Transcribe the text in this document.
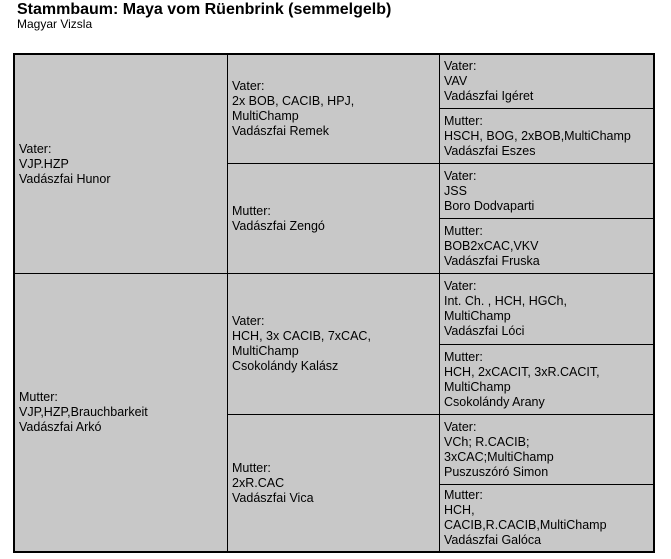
Stammbaum: Maya vom Rüenbrink (semmelgelb)
Magyar Vizsla
Vater:
VJP.HZP
Vadászfai Hunor
Mutter:
VJP,HZP,Brauchbarkeit
Vadászfai Arkó
Vater:
2x BOB, CACIB, HPJ,
MultiChamp
Vadászfai Remek
Mutter:
Vadászfai Zengó
Vater:
HCH, 3x CACIB, 7xCAC,
MultiChamp
Csokolándy Kalász
Mutter:
2xR.CAC
Vadászfai Vica
Vater:
VAV
Vadászfai Igéret
Mutter:
HSCH, BOG, 2xBOB,MultiChamp
Vadászfai Eszes
Vater:
JSS
Boro Dodvaparti
Mutter:
BOB2xCAC,VKV
Vadászfai Fruska
Vater:
Int. Ch. , HCH, HGCh,
MultiChamp
Vadászfai Lóci
Mutter:
HCH, 2xCACIT, 3xR.CACIT,
MultiChamp
Csokolándy Arany
Vater:
VCh; R.CACIB;
3xCAC;MultiChamp
Puszuszóró Simon
Mutter:
HCH,
CACIB,R.CACIB,MultiChamp
Vadászfai Galóca
